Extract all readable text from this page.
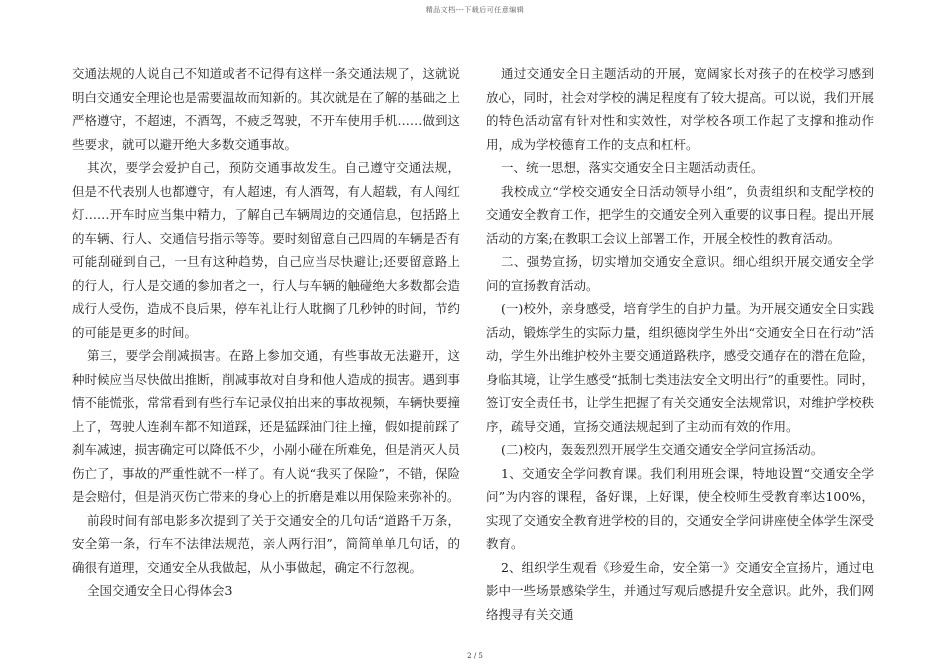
精品文档---下载后可任意编辑

交通法规的人说自己不知道或者不记得有这样一条交通法规了，这就说明白交通安全理论也是需要温故而知新的。其次就是在了解的基础之上严格遵守，不超速，不酒驾，不疲乏驾驶，不开车使用手机……做到这些要求，就可以避开绝大多数交通事故。

其次，要学会爱护自己，预防交通事故发生。自己遵守交通法规，但是不代表别人也都遵守，有人超速，有人酒驾，有人超载，有人闯红灯……开车时应当集中精力，了解自己车辆周边的交通信息，包括路上的车辆、行人、交通信号指示等等。要时刻留意自己四周的车辆是否有可能刮碰到自己，一旦有这种趋势，自己应当尽快避让;还要留意路上的行人，行人是交通的参加者之一，行人与车辆的触碰绝大多数都会造成行人受伤，造成不良后果，停车礼让行人耽搁了几秒钟的时间，节约的可能是更多的时间。

第三，要学会削减损害。在路上参加交通，有些事故无法避开，这种时候应当尽快做出推断，削减事故对自身和他人造成的损害。遇到事情不能慌张，常常看到有些行车记录仪拍出来的事故视频，车辆快要撞上了，驾驶人连刹车都不知道踩，还是猛踩油门往上撞，假如提前踩了刹车减速，损害确定可以降低不少，小剐小碰在所难免，但是消灭人员伤亡了，事故的严重性就不一样了。有人说“我买了保险”，不错，保险是会赔付，但是消灭伤亡带来的身心上的折磨是难以用保险来弥补的。

前段时间有部电影多次提到了关于交通安全的几句话“道路千万条，安全第一条，行车不法律法规范，亲人两行泪”，简简单单几句话，的确很有道理，交通安全从我做起，从小事做起，确定不行忽视。

全国交通安全日心得体会3

通过交通安全日主题活动的开展，宽阔家长对孩子的在校学习感到放心，同时，社会对学校的满足程度有了较大提高。可以说，我们开展的特色活动富有针对性和实效性，对学校各项工作起了支撑和推动作用，成为学校德育工作的支点和杠杆。

一、统一思想，落实交通安全日主题活动责任。

我校成立“学校交通安全日活动领导小组”，负责组织和支配学校的交通安全教育工作，把学生的交通安全列入重要的议事日程。提出开展活动的方案;在教职工会议上部署工作，开展全校性的教育活动。

二、强势宣扬，切实增加交通安全意识。细心组织开展交通安全学问的宣扬教育活动。

(一)校外，亲身感受，培育学生的自护力量。为开展交通安全日实践活动，锻炼学生的实际力量，组织德岗学生外出“交通安全日在行动”活动，学生外出维护校外主要交通道路秩序，感受交通存在的潜在危险，身临其境，让学生感受“抵制七类违法安全文明出行”的重要性。同时，签订安全责任书，让学生把握了有关交通安全法规常识，对维护学校秩序，疏导交通，宣扬交通法规起到了主动而有效的作用。

(二)校内，轰轰烈烈开展学生交通交通安全学问宣扬活动。

1、交通安全学问教育课。我们利用班会课，特地设置“交通安全学问”为内容的课程，备好课，上好课，使全校师生受教育率达100%，实现了交通安全教育进学校的目的，交通安全学问讲座使全体学生深受教育。

2、组织学生观看《珍爱生命，安全第一》交通安全宣扬片，通过电影中一些场景感染学生，并通过写观后感提升安全意识。此外，我们网络搜寻有关交通

2 / 5
